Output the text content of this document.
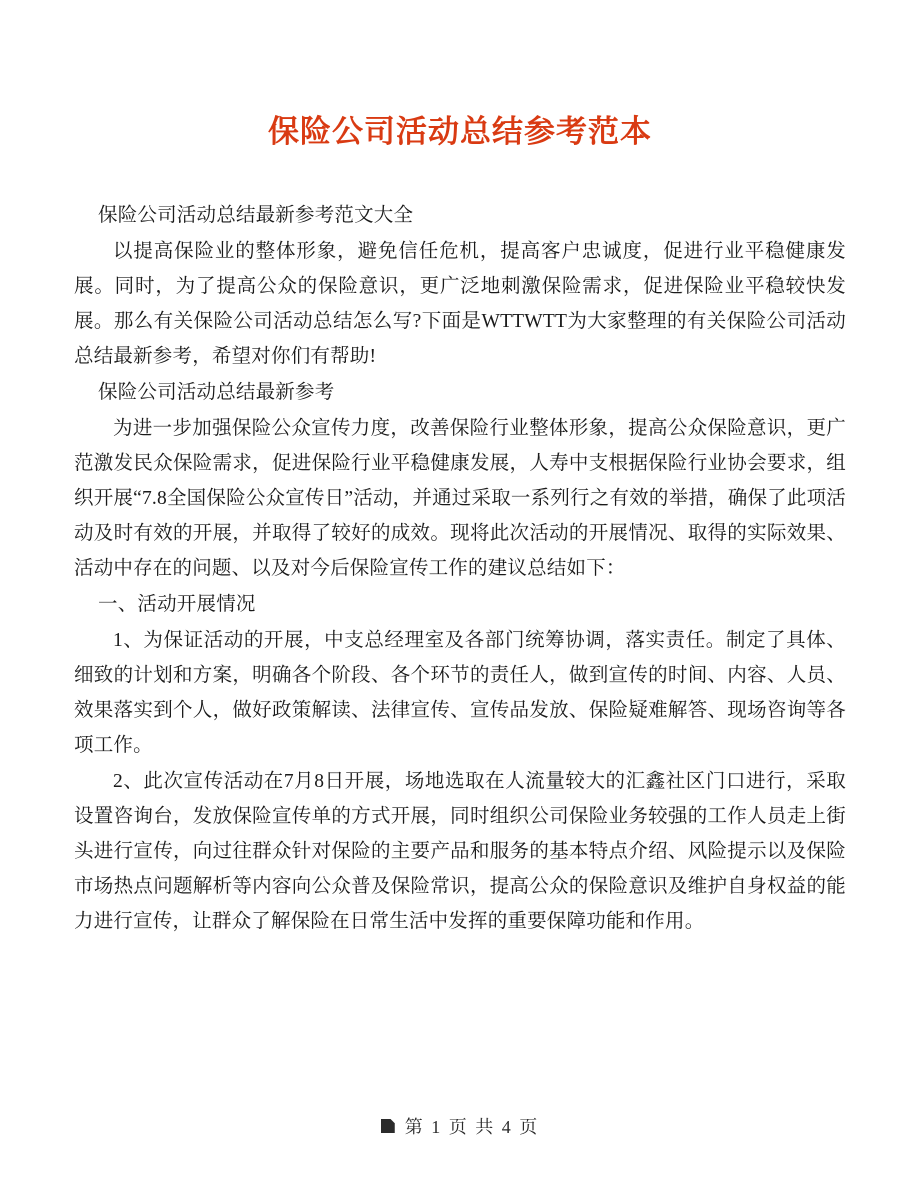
保险公司活动总结参考范本

保险公司活动总结最新参考范文大全

以提高保险业的整体形象，避免信任危机，提高客户忠诚度，促进行业平稳健康发展。同时，为了提高公众的保险意识，更广泛地刺激保险需求，促进保险业平稳较快发展。那么有关保险公司活动总结怎么写?下面是WTTWTT为大家整理的有关保险公司活动总结最新参考，希望对你们有帮助!

保险公司活动总结最新参考

为进一步加强保险公众宣传力度，改善保险行业整体形象，提高公众保险意识，更广范激发民众保险需求，促进保险行业平稳健康发展，人寿中支根据保险行业协会要求，组织开展“7.8全国保险公众宣传日”活动，并通过采取一系列行之有效的举措，确保了此项活动及时有效的开展，并取得了较好的成效。现将此次活动的开展情况、取得的实际效果、活动中存在的问题、以及对今后保险宣传工作的建议总结如下：

一、活动开展情况

1、为保证活动的开展，中支总经理室及各部门统筹协调，落实责任。制定了具体、细致的计划和方案，明确各个阶段、各个环节的责任人，做到宣传的时间、内容、人员、效果落实到个人，做好政策解读、法律宣传、宣传品发放、保险疑难解答、现场咨询等各项工作。

2、此次宣传活动在7月8日开展，场地选取在人流量较大的汇鑫社区门口进行，采取设置咨询台，发放保险宣传单的方式开展，同时组织公司保险业务较强的工作人员走上街头进行宣传，向过往群众针对保险的主要产品和服务的基本特点介绍、风险提示以及保险市场热点问题解析等内容向公众普及保险常识，提高公众的保险意识及维护自身权益的能力进行宣传，让群众了解保险在日常生活中发挥的重要保障功能和作用。

第 1 页 共 4 页
